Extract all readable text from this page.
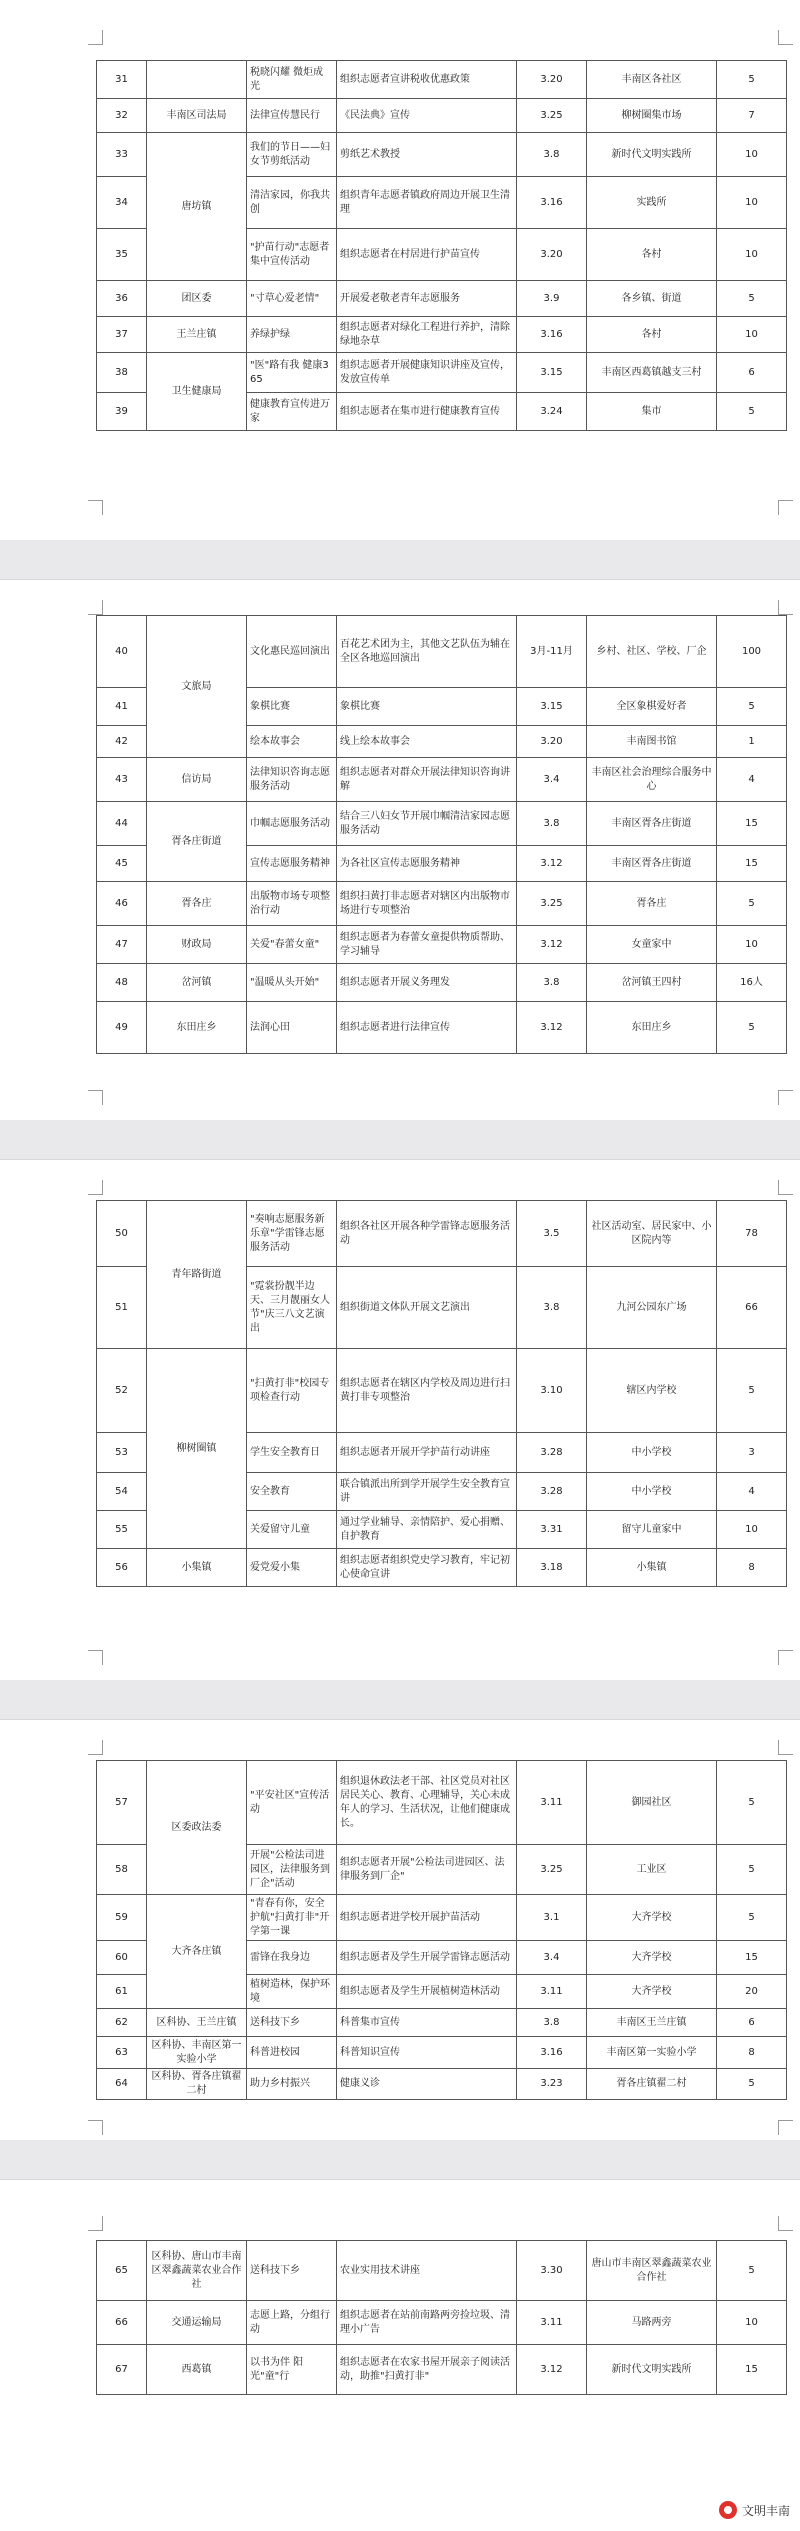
31		税晓闪耀 微炬成光	组织志愿者宣讲税收优惠政策	3.20	丰南区各社区	5
32	丰南区司法局	法律宣传慧民行	《民法典》宣传	3.25	柳树圈集市场	7
33	唐坊镇	我们的节日——妇女节剪纸活动	剪纸艺术教授	3.8	新时代文明实践所	10
34		清洁家园，你我共创	组织青年志愿者镇政府周边开展卫生清理	3.16	实践所	10
35		"护苗行动"志愿者集中宣传活动	组织志愿者在村居进行护苗宣传	3.20	各村	10
36	团区委	"寸草心爱老情"	开展爱老敬老青年志愿服务	3.9	各乡镇、街道	5
37	王兰庄镇	养绿护绿	组织志愿者对绿化工程进行养护，清除绿地杂草	3.16	各村	10
38	卫生健康局	"医"路有我 健康365	组织志愿者开展健康知识讲座及宣传，发放宣传单	3.15	丰南区西葛镇越支三村	6
39		健康教育宣传进万家	组织志愿者在集市进行健康教育宣传	3.24	集市	5
40	文旅局	文化惠民巡回演出	百花艺术团为主，其他文艺队伍为辅在全区各地巡回演出	3月-11月	乡村、社区、学校、厂企	100
41		象棋比赛	象棋比赛	3.15	全区象棋爱好者	5
42		绘本故事会	线上绘本故事会	3.20	丰南图书馆	1
43	信访局	法律知识咨询志愿服务活动	组织志愿者对群众开展法律知识咨询讲解	3.4	丰南区社会治理综合服务中心	4
44	胥各庄街道	巾帼志愿服务活动	结合三八妇女节开展巾帼清洁家园志愿服务活动	3.8	丰南区胥各庄街道	15
45		宣传志愿服务精神	为各社区宣传志愿服务精神	3.12	丰南区胥各庄街道	15
46	胥各庄	出版物市场专项整治行动	组织扫黄打非志愿者对辖区内出版物市场进行专项整治	3.25	胥各庄	5
47	财政局	关爱"春蕾女童"	组织志愿者为春蕾女童提供物质帮助、学习辅导	3.12	女童家中	10
48	岔河镇	"温暖从头开始"	组织志愿者开展义务理发	3.8	岔河镇王四村	16人
49	东田庄乡	法润心田	组织志愿者进行法律宣传	3.12	东田庄乡	5
50	青年路街道	"奏响志愿服务新乐章"学雷锋志愿服务活动	组织各社区开展各种学雷锋志愿服务活动	3.5	社区活动室、居民家中、小区院内等	78
51		"霓裳扮靓半边天、三月靓丽女人节"庆三八文艺演出	组织街道文体队开展文艺演出	3.8	九河公园东广场	66
52	柳树圈镇	"扫黄打非"校园专项检查行动	组织志愿者在辖区内学校及周边进行扫黄打非专项整治	3.10	辖区内学校	5
53		学生安全教育日	组织志愿者开展开学护苗行动讲座	3.28	中小学校	3
54		安全教育	联合镇派出所到学开展学生安全教育宣讲	3.28	中小学校	4
55		关爱留守儿童	通过学业辅导、亲情陪护、爱心捐赠、自护教育	3.31	留守儿童家中	10
56	小集镇	爱党爱小集	组织志愿者组织党史学习教育，牢记初心使命宣讲	3.18	小集镇	8
57	区委政法委	"平安社区"宣传活动	组织退休政法老干部、社区党员对社区居民关心、教育、心理辅导，关心未成年人的学习、生活状况，让他们健康成长。	3.11	御园社区	5
58		开展"公检法司进园区，法律服务到厂企"活动	组织志愿者开展"公检法司进园区、法律服务到厂企"	3.25	工业区	5
59	大齐各庄镇	"青春有你，安全护航"扫黄打非"开学第一课	组织志愿者进学校开展护苗活动	3.1	大齐学校	5
60		雷锋在我身边	组织志愿者及学生开展学雷锋志愿活动	3.4	大齐学校	15
61		植树造林，保护环境	组织志愿者及学生开展植树造林活动	3.11	大齐学校	20
62	区科协、王兰庄镇	送科技下乡	科普集市宣传	3.8	丰南区王兰庄镇	6
63	区科协、丰南区第一实验小学	科普进校园	科普知识宣传	3.16	丰南区第一实验小学	8
64	区科协、胥各庄镇翟二村	助力乡村振兴	健康义诊	3.23	胥各庄镇翟二村	5
65	区科协、唐山市丰南区翠鑫蔬菜农业合作社	送科技下乡	农业实用技术讲座	3.30	唐山市丰南区翠鑫蔬菜农业合作社	5
66	交通运输局	志愿上路，分组行动	组织志愿者在站前南路两旁捡垃圾、清理小广告	3.11	马路两旁	10
67	西葛镇	以书为伴 阳光"童"行	组织志愿者在农家书屋开展亲子阅读活动，助推"扫黄打非"	3.12	新时代文明实践所	15
文明丰南
